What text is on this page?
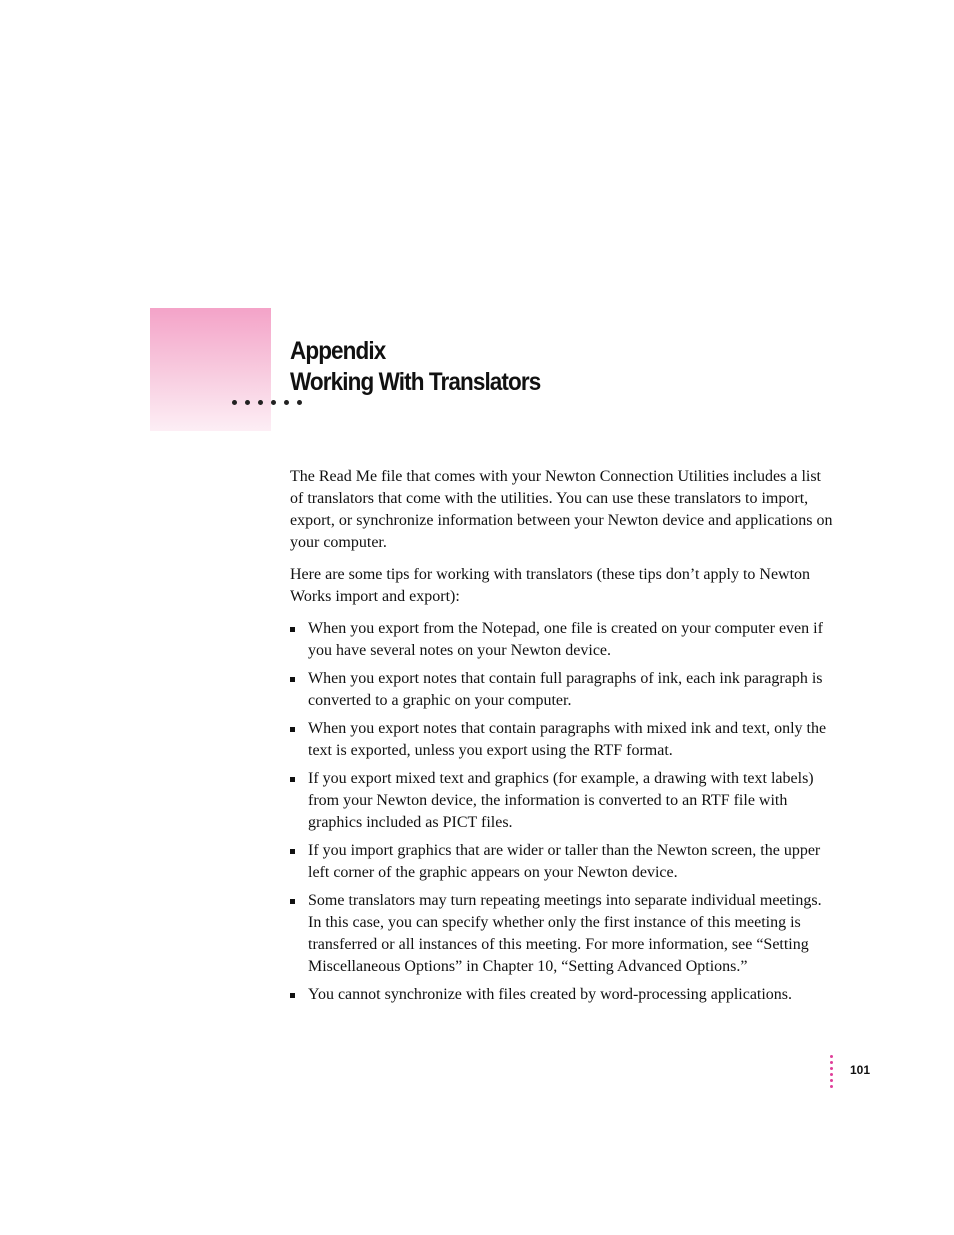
Appendix
Working With Translators

The Read Me file that comes with your Newton Connection Utilities includes a list of translators that come with the utilities. You can use these translators to import, export, or synchronize information between your Newton device and applications on your computer.

Here are some tips for working with translators (these tips don’t apply to Newton Works import and export):

When you export from the Notepad, one file is created on your computer even if you have several notes on your Newton device.
When you export notes that contain full paragraphs of ink, each ink paragraph is converted to a graphic on your computer.
When you export notes that contain paragraphs with mixed ink and text, only the text is exported, unless you export using the RTF format.
If you export mixed text and graphics (for example, a drawing with text labels) from your Newton device, the information is converted to an RTF file with graphics included as PICT files.
If you import graphics that are wider or taller than the Newton screen, the upper left corner of the graphic appears on your Newton device.
Some translators may turn repeating meetings into separate individual meetings. In this case, you can specify whether only the first instance of this meeting is transferred or all instances of this meeting. For more information, see “Setting Miscellaneous Options” in Chapter 10, “Setting Advanced Options.”
You cannot synchronize with files created by word-processing applications.
101
